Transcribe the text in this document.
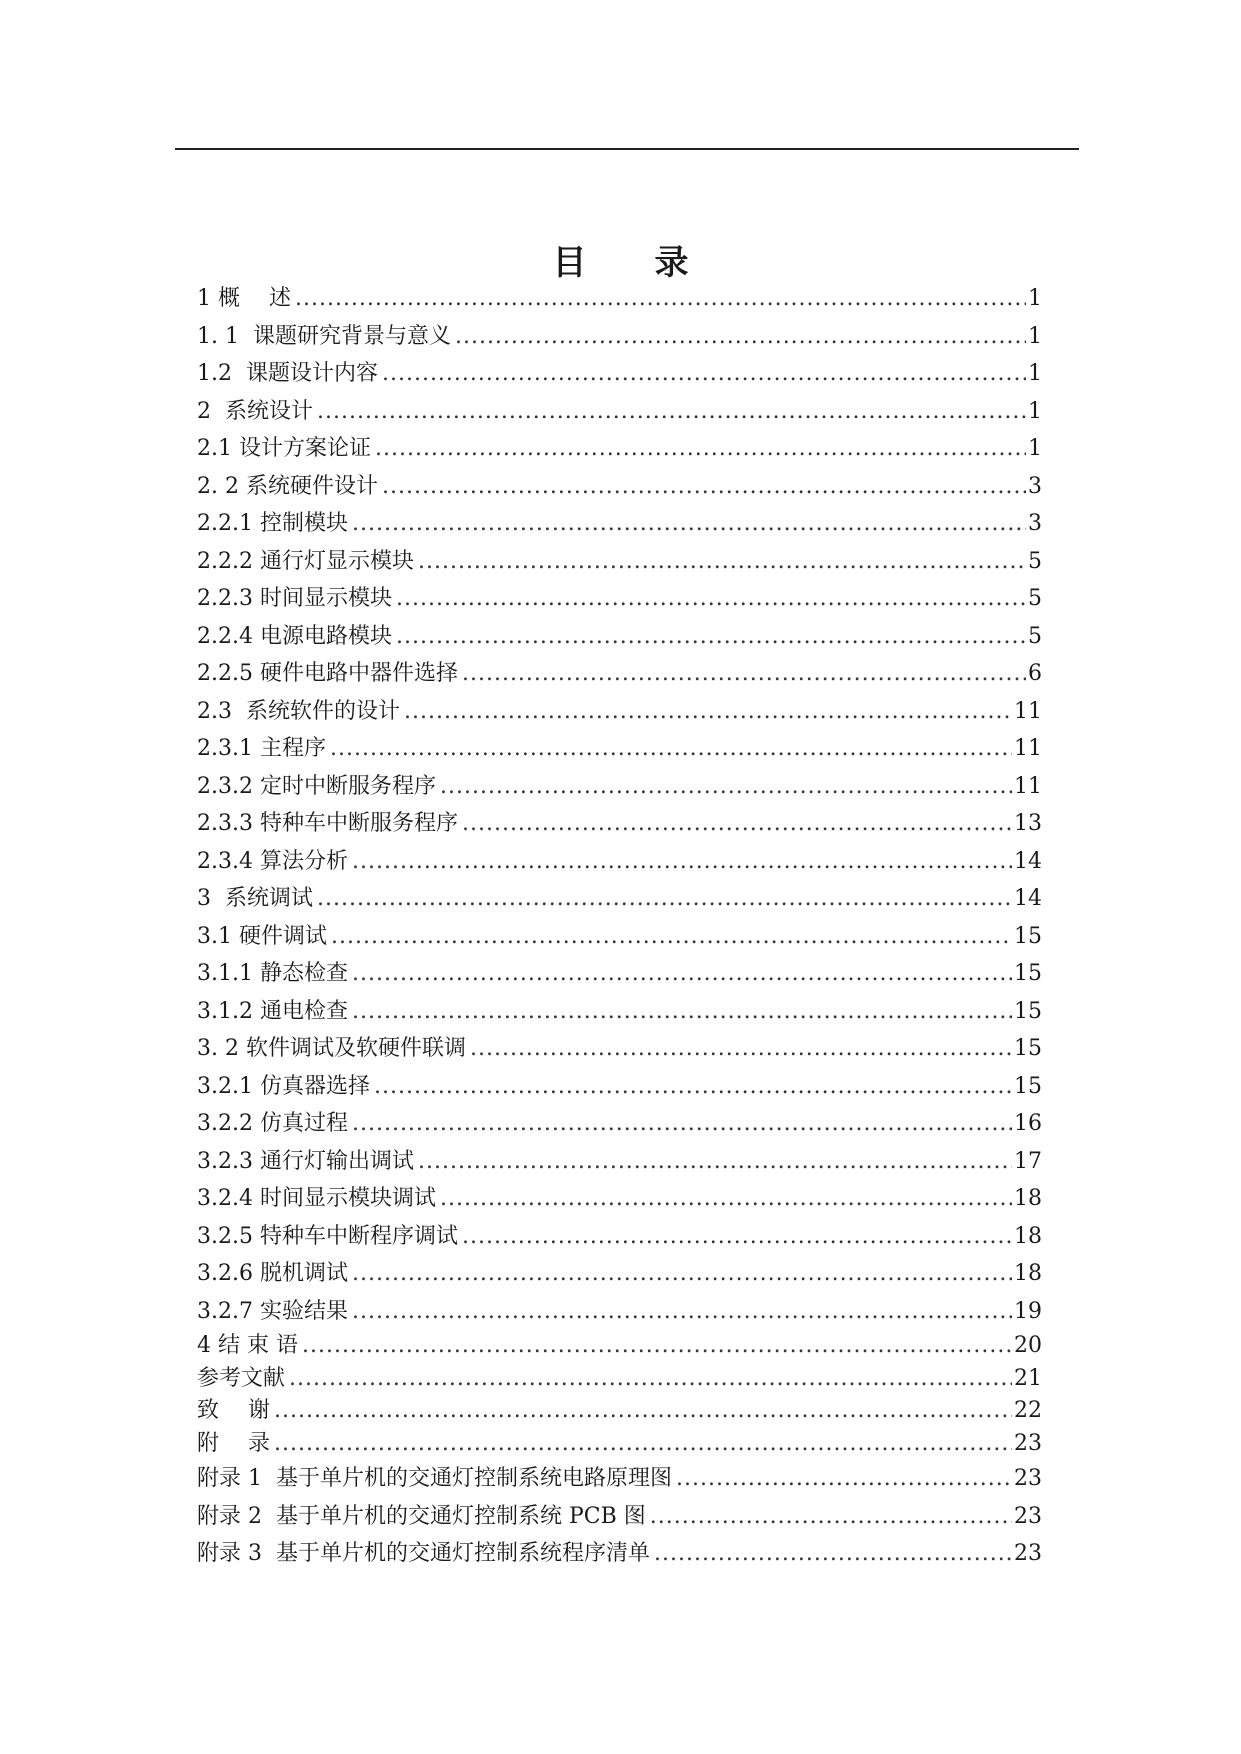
目　　录
1 概　 述 .....	1
1. 1  课题研究背景与意义 .....	1
1.2  课题设计内容 .....	1
2  系统设计 .....	1
2.1 设计方案论证 .....	1
2. 2 系统硬件设计 .....	3
2.2.1 控制模块 .....	3
2.2.2 通行灯显示模块 .....	5
2.2.3 时间显示模块 .....	5
2.2.4 电源电路模块 .....	5
2.2.5 硬件电路中器件选择 .....	6
2.3  系统软件的设计 .....	11
2.3.1 主程序 .....	11
2.3.2 定时中断服务程序 .....	11
2.3.3 特种车中断服务程序 .....	13
2.3.4 算法分析 .....	14
3  系统调试 .....	14
3.1 硬件调试 .....	15
3.1.1 静态检查 .....	15
3.1.2 通电检查 .....	15
3. 2 软件调试及软硬件联调 .....	15
3.2.1 仿真器选择 .....	15
3.2.2 仿真过程 .....	16
3.2.3 通行灯输出调试 .....	17
3.2.4 时间显示模块调试 .....	18
3.2.5 特种车中断程序调试 .....	18
3.2.6 脱机调试 .....	18
3.2.7 实验结果 .....	19
4 结 束 语 .....	20
参考文献 .....	21
致　 谢 .....	22
附　 录 .....	23
附录 1  基于单片机的交通灯控制系统电路原理图 .....	23
附录 2  基于单片机的交通灯控制系统 PCB 图 .....	23
附录 3  基于单片机的交通灯控制系统程序清单 .....	23
